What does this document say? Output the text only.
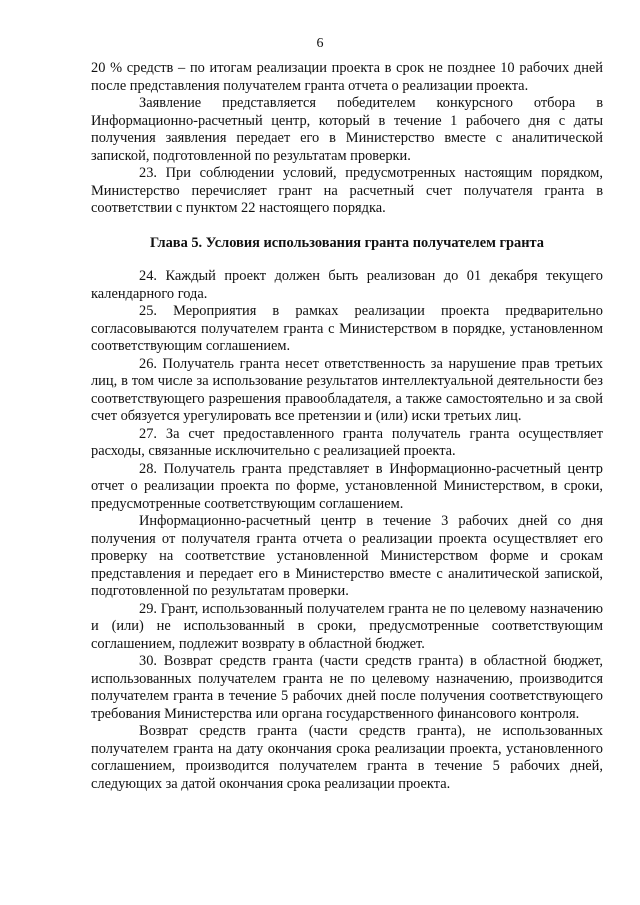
6

20 % средств – по итогам реализации проекта в срок не позднее 10 рабочих дней после представления получателем гранта отчета о реализации проекта.

Заявление представляется победителем конкурсного отбора в Информационно-расчетный центр, который в течение 1 рабочего дня с даты получения заявления передает его в Министерство вместе с аналитической запиской, подготовленной по результатам проверки.

23. При соблюдении условий, предусмотренных настоящим порядком, Министерство перечисляет грант на расчетный счет получателя гранта в соответствии с пунктом 22 настоящего порядка.

Глава 5. Условия использования гранта получателем гранта

24. Каждый проект должен быть реализован до 01 декабря текущего календарного года.

25. Мероприятия в рамках реализации проекта предварительно согласовываются получателем гранта с Министерством в порядке, установленном соответствующим соглашением.

26. Получатель гранта несет ответственность за нарушение прав третьих лиц, в том числе за использование результатов интеллектуальной деятельности без соответствующего разрешения правообладателя, а также самостоятельно и за свой счет обязуется урегулировать все претензии и (или) иски третьих лиц.

27. За счет предоставленного гранта получатель гранта осуществляет расходы, связанные исключительно с реализацией проекта.

28. Получатель гранта представляет в Информационно-расчетный центр отчет о реализации проекта по форме, установленной Министерством, в сроки, предусмотренные соответствующим соглашением.

Информационно-расчетный центр в течение 3 рабочих дней со дня получения от получателя гранта отчета о реализации проекта осуществляет его проверку на соответствие установленной Министерством форме и срокам представления и передает его в Министерство вместе с аналитической запиской, подготовленной по результатам проверки.

29. Грант, использованный получателем гранта не по целевому назначению и (или) не использованный в сроки, предусмотренные соответствующим соглашением, подлежит возврату в областной бюджет.

30. Возврат средств гранта (части средств гранта) в областной бюджет, использованных получателем гранта не по целевому назначению, производится получателем гранта в течение 5 рабочих дней после получения соответствующего требования Министерства или органа государственного финансового контроля.

Возврат средств гранта (части средств гранта), не использованных получателем гранта на дату окончания срока реализации проекта, установленного соглашением, производится получателем гранта в течение 5 рабочих дней, следующих за датой окончания срока реализации проекта.
